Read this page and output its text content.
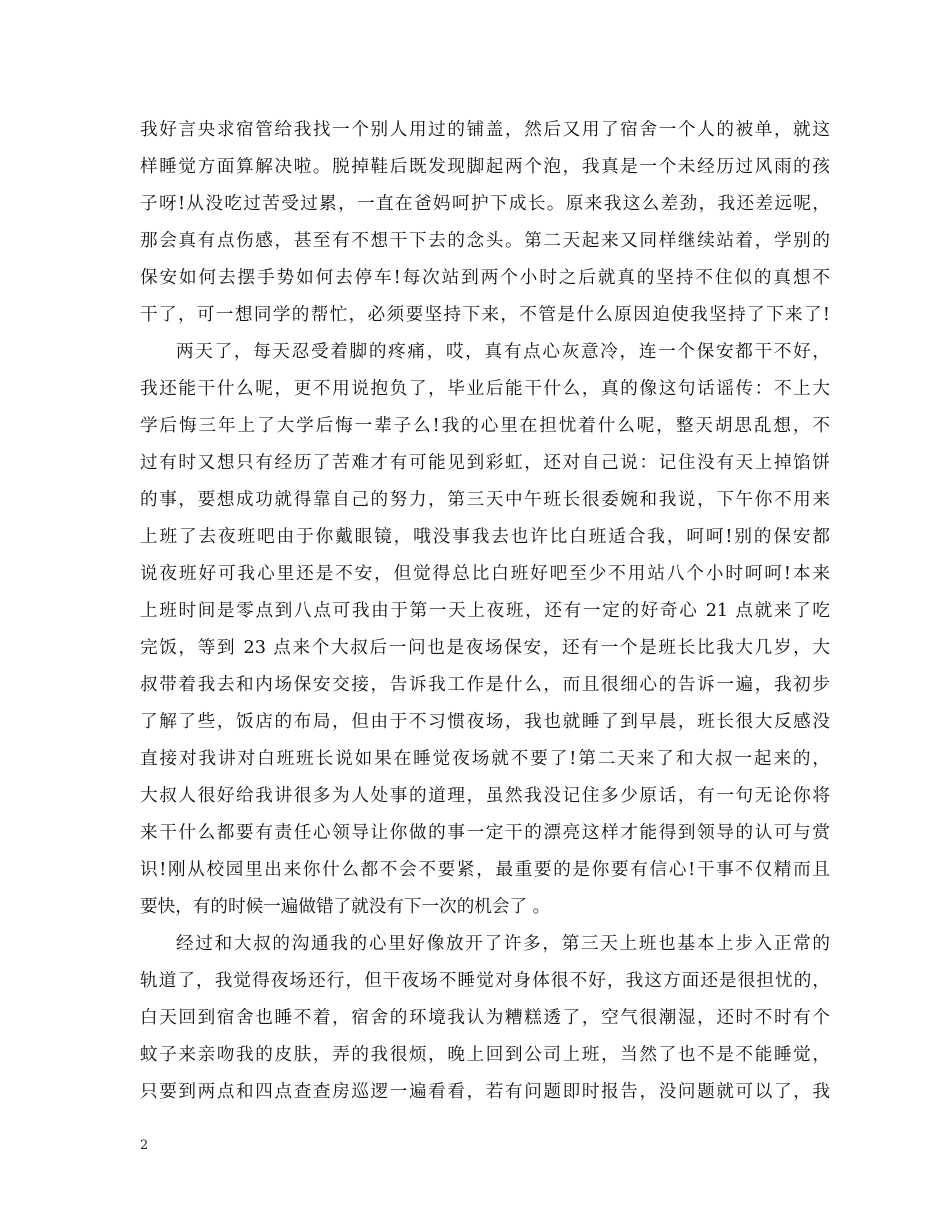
我好言央求宿管给我找一个别人用过的铺盖，然后又用了宿舍一个人的被单，就这
样睡觉方面算解决啦。脱掉鞋后既发现脚起两个泡，我真是一个未经历过风雨的孩
子呀!从没吃过苦受过累，一直在爸妈呵护下成长。原来我这么差劲，我还差远呢，
那会真有点伤感，甚至有不想干下去的念头。第二天起来又同样继续站着，学别的
保安如何去摆手势如何去停车!每次站到两个小时之后就真的坚持不住似的真想不
干了，可一想同学的帮忙，必须要坚持下来，不管是什么原因迫使我坚持了下来了!
两天了，每天忍受着脚的疼痛，哎，真有点心灰意冷，连一个保安都干不好，
我还能干什么呢，更不用说抱负了，毕业后能干什么，真的像这句话谣传：不上大
学后悔三年上了大学后悔一辈子么!我的心里在担忧着什么呢，整天胡思乱想，不
过有时又想只有经历了苦难才有可能见到彩虹，还对自己说：记住没有天上掉馅饼
的事，要想成功就得靠自己的努力，第三天中午班长很委婉和我说，下午你不用来
上班了去夜班吧由于你戴眼镜，哦没事我去也许比白班适合我，呵呵!别的保安都
说夜班好可我心里还是不安，但觉得总比白班好吧至少不用站八个小时呵呵!本来
上班时间是零点到八点可我由于第一天上夜班，还有一定的好奇心 21 点就来了吃
完饭，等到 23 点来个大叔后一问也是夜场保安，还有一个是班长比我大几岁，大
叔带着我去和内场保安交接，告诉我工作是什么，而且很细心的告诉一遍，我初步
了解了些，饭店的布局，但由于不习惯夜场，我也就睡了到早晨，班长很大反感没
直接对我讲对白班班长说如果在睡觉夜场就不要了!第二天来了和大叔一起来的，
大叔人很好给我讲很多为人处事的道理，虽然我没记住多少原话，有一句无论你将
来干什么都要有责任心领导让你做的事一定干的漂亮这样才能得到领导的认可与赏
识!刚从校园里出来你什么都不会不要紧，最重要的是你要有信心!干事不仅精而且
要快，有的时候一遍做错了就没有下一次的机会了 。
经过和大叔的沟通我的心里好像放开了许多，第三天上班也基本上步入正常的
轨道了，我觉得夜场还行，但干夜场不睡觉对身体很不好，我这方面还是很担忧的，
白天回到宿舍也睡不着，宿舍的环境我认为糟糕透了，空气很潮湿，还时不时有个
蚊子来亲吻我的皮肤，弄的我很烦，晚上回到公司上班，当然了也不是不能睡觉，
只要到两点和四点查查房巡逻一遍看看，若有问题即时报告，没问题就可以了，我
2
